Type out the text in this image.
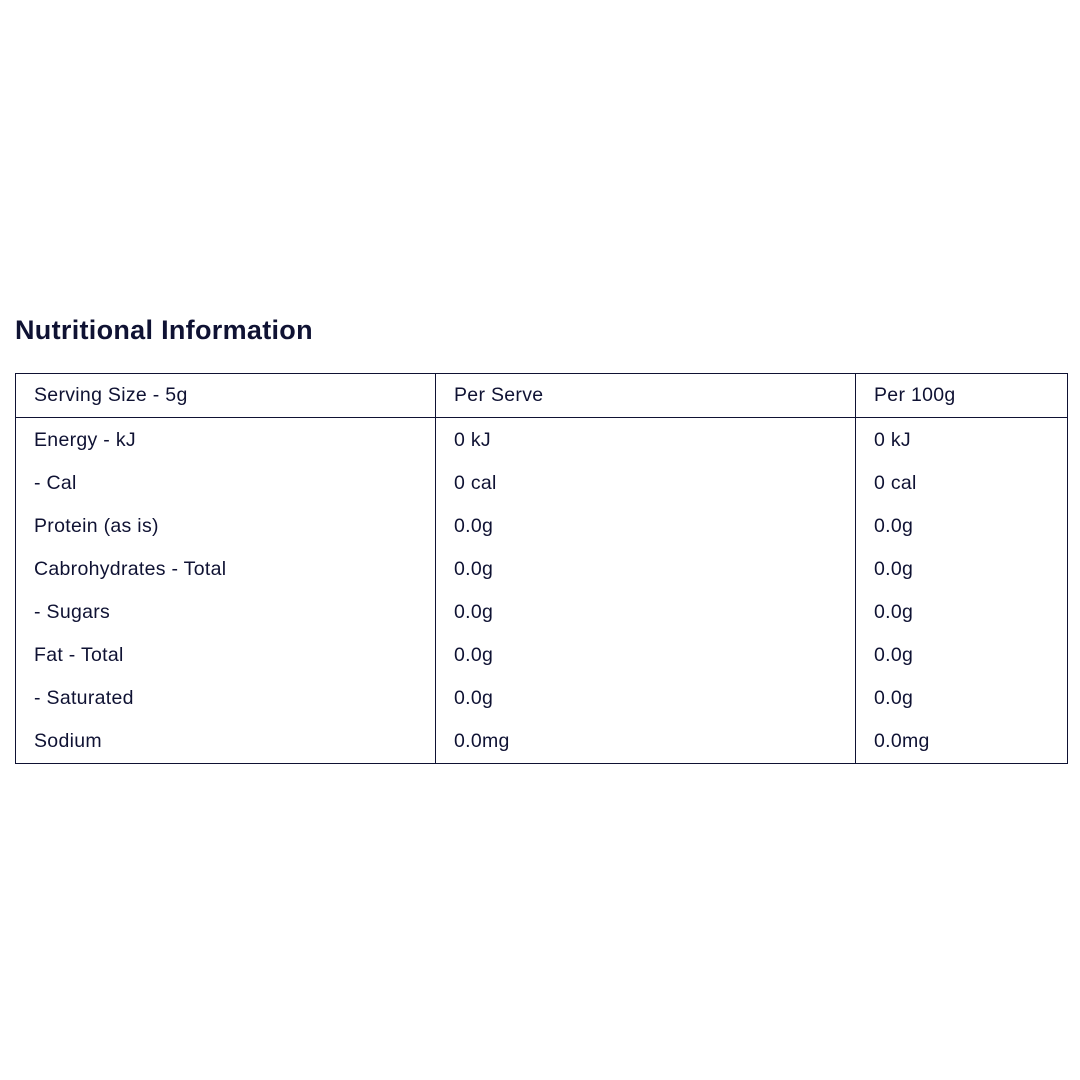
Nutritional Information
Serving Size - 5g	Per Serve	Per 100g
Energy - kJ	0 kJ	0 kJ
- Cal	0 cal	0 cal
Protein (as is)	0.0g	0.0g
Cabrohydrates - Total	0.0g	0.0g
- Sugars	0.0g	0.0g
Fat - Total	0.0g	0.0g
- Saturated	0.0g	0.0g
Sodium	0.0mg	0.0mg
